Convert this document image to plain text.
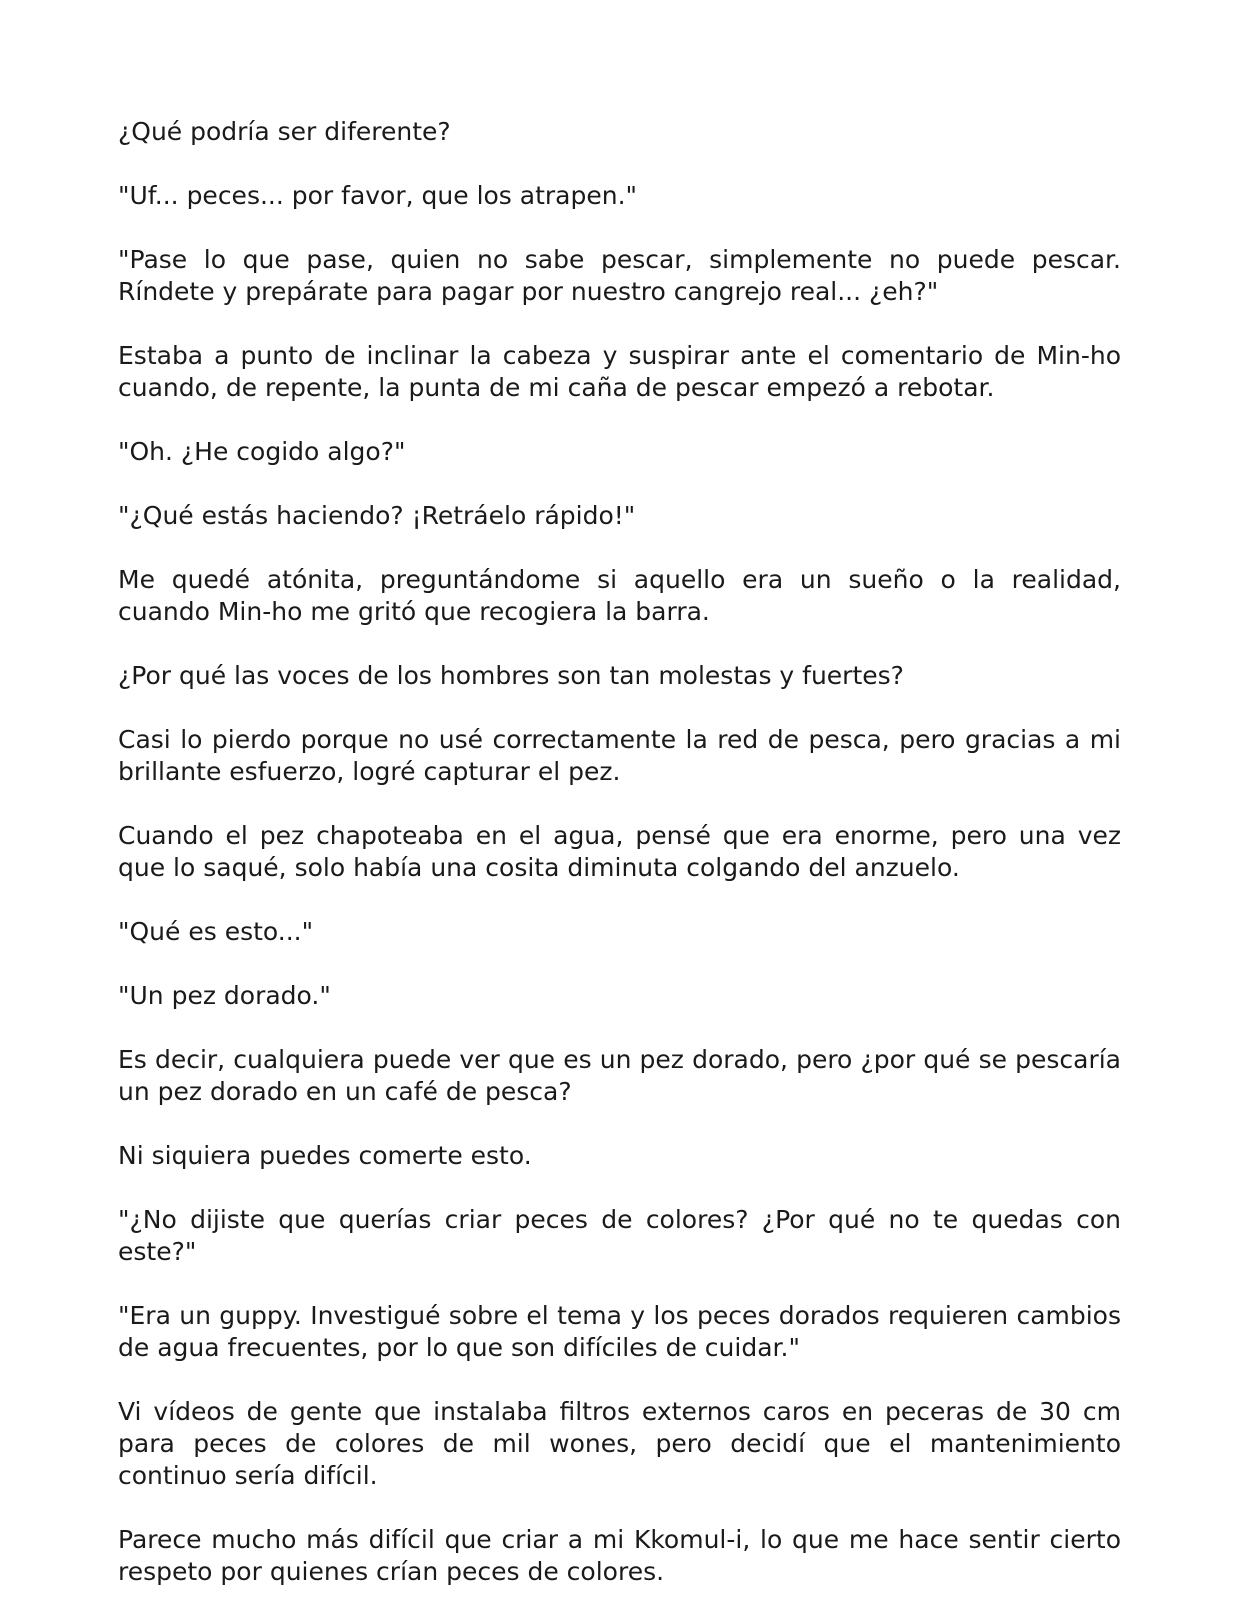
¿Qué podría ser diferente?

"Uf... peces... por favor, que los atrapen."

"Pase lo que pase, quien no sabe pescar, simplemente no puede pescar. Ríndete y prepárate para pagar por nuestro cangrejo real... ¿eh?"

Estaba a punto de inclinar la cabeza y suspirar ante el comentario de Min-ho cuando, de repente, la punta de mi caña de pescar empezó a rebotar.

"Oh. ¿He cogido algo?"

"¿Qué estás haciendo? ¡Retráelo rápido!"

Me quedé atónita, preguntándome si aquello era un sueño o la realidad, cuando Min-ho me gritó que recogiera la barra.

¿Por qué las voces de los hombres son tan molestas y fuertes?

Casi lo pierdo porque no usé correctamente la red de pesca, pero gracias a mi brillante esfuerzo, logré capturar el pez.

Cuando el pez chapoteaba en el agua, pensé que era enorme, pero una vez que lo saqué, solo había una cosita diminuta colgando del anzuelo.

"Qué es esto..."

"Un pez dorado."

Es decir, cualquiera puede ver que es un pez dorado, pero ¿por qué se pescaría un pez dorado en un café de pesca?

Ni siquiera puedes comerte esto.

"¿No dijiste que querías criar peces de colores? ¿Por qué no te quedas con este?"

"Era un guppy. Investigué sobre el tema y los peces dorados requieren cambios de agua frecuentes, por lo que son difíciles de cuidar."

Vi vídeos de gente que instalaba filtros externos caros en peceras de 30 cm para peces de colores de mil wones, pero decidí que el mantenimiento continuo sería difícil.

Parece mucho más difícil que criar a mi Kkomul-i, lo que me hace sentir cierto respeto por quienes crían peces de colores.
